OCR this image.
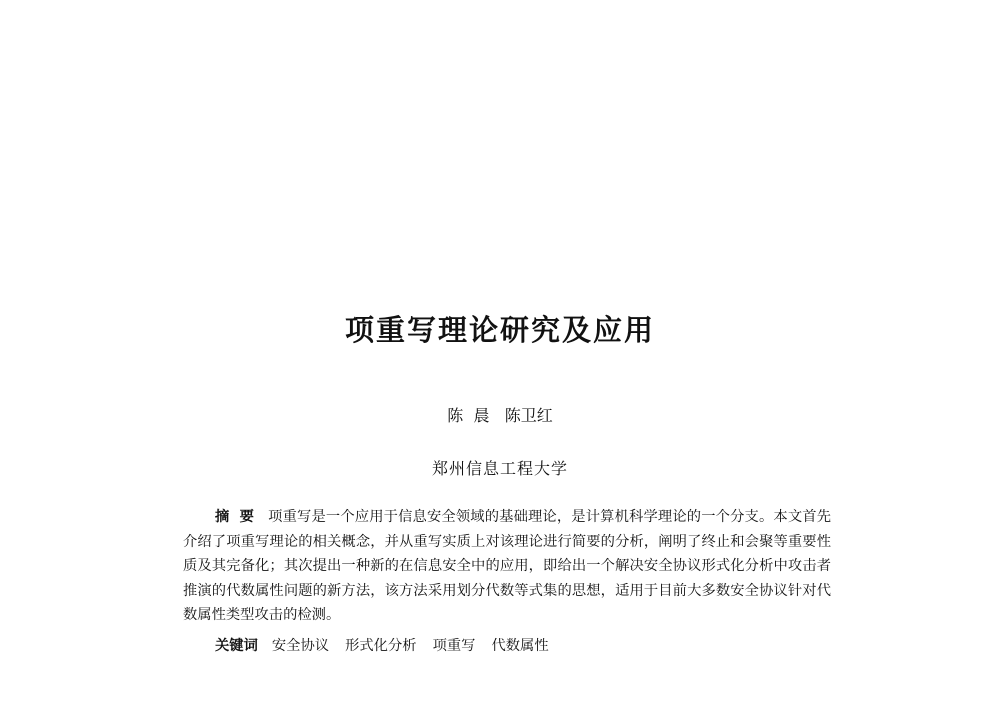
项重写理论研究及应用

陈  晨   陈卫红

郑州信息工程大学

摘  要 项重写是一个应用于信息安全领域的基础理论，是计算机科学理论的一个分支。本文首先介绍了项重写理论的相关概念，并从重写实质上对该理论进行简要的分析，阐明了终止和会聚等重要性质及其完备化；其次提出一种新的在信息安全中的应用，即给出一个解决安全协议形式化分析中攻击者推演的代数属性问题的新方法，该方法采用划分代数等式集的思想，适用于目前大多数安全协议针对代数属性类型攻击的检测。

关键词 安全协议 形式化分析 项重写 代数属性
